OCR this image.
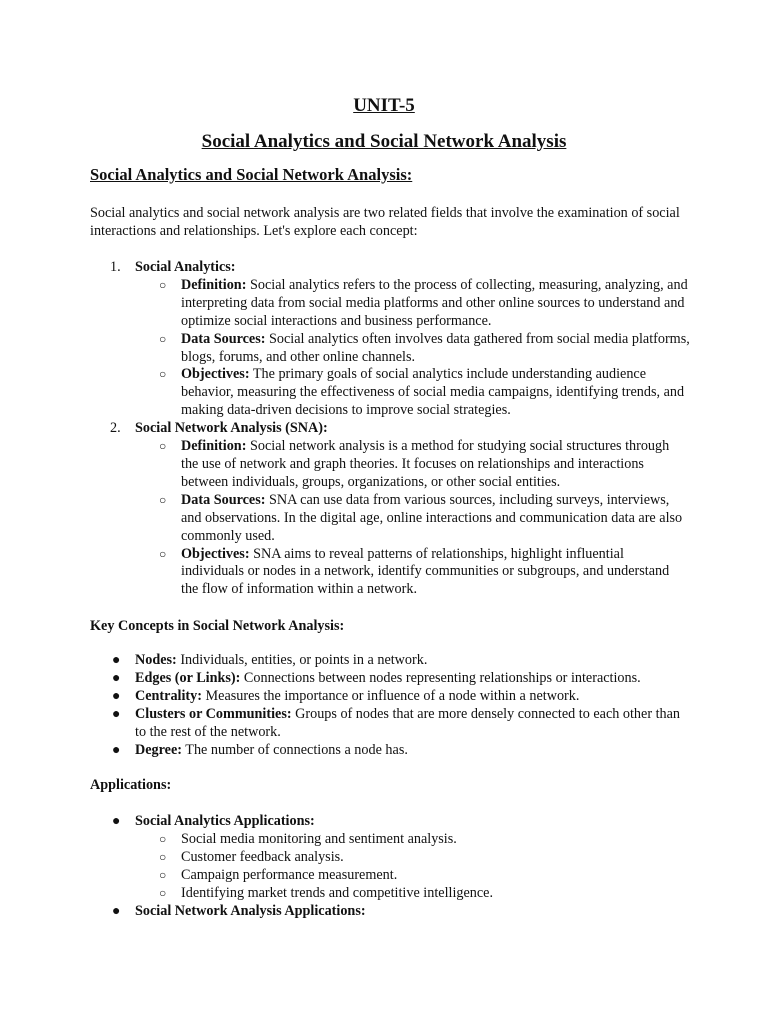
UNIT-5
Social Analytics and Social Network Analysis
Social Analytics and Social Network Analysis:

Social analytics and social network analysis are two related fields that involve the examination of social interactions and relationships. Let's explore each concept:

1. Social Analytics:
○ Definition: Social analytics refers to the process of collecting, measuring, analyzing, and interpreting data from social media platforms and other online sources to understand and optimize social interactions and business performance.
○ Data Sources: Social analytics often involves data gathered from social media platforms, blogs, forums, and other online channels.
○ Objectives: The primary goals of social analytics include understanding audience behavior, measuring the effectiveness of social media campaigns, identifying trends, and making data-driven decisions to improve social strategies.
2. Social Network Analysis (SNA):
○ Definition: Social network analysis is a method for studying social structures through the use of network and graph theories. It focuses on relationships and interactions between individuals, groups, organizations, or other social entities.
○ Data Sources: SNA can use data from various sources, including surveys, interviews, and observations. In the digital age, online interactions and communication data are also commonly used.
○ Objectives: SNA aims to reveal patterns of relationships, highlight influential individuals or nodes in a network, identify communities or subgroups, and understand the flow of information within a network.
Key Concepts in Social Network Analysis:
● Nodes: Individuals, entities, or points in a network.
● Edges (or Links): Connections between nodes representing relationships or interactions.
● Centrality: Measures the importance or influence of a node within a network.
● Clusters or Communities: Groups of nodes that are more densely connected to each other than to the rest of the network.
● Degree: The number of connections a node has.
Applications:
● Social Analytics Applications:
○ Social media monitoring and sentiment analysis.
○ Customer feedback analysis.
○ Campaign performance measurement.
○ Identifying market trends and competitive intelligence.
● Social Network Analysis Applications:
